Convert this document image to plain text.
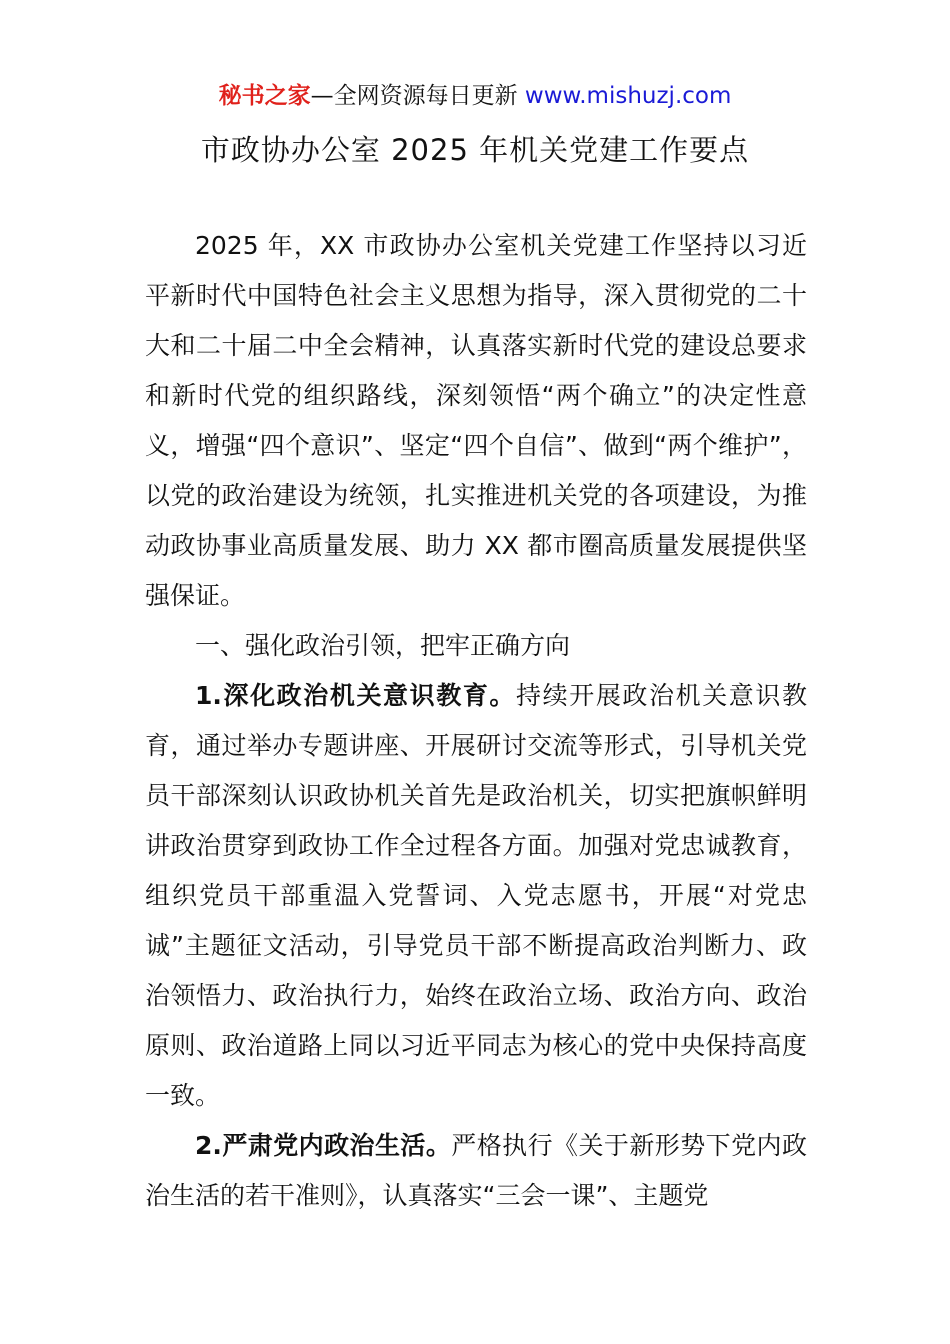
秘书之家—全网资源每日更新 www.mishuzj.com
市政协办公室 2025 年机关党建工作要点

2025 年，XX 市政协办公室机关党建工作坚持以习近平新时代中国特色社会主义思想为指导，深入贯彻党的二十大和二十届二中全会精神，认真落实新时代党的建设总要求和新时代党的组织路线，深刻领悟“两个确立”的决定性意义，增强“四个意识”、坚定“四个自信”、做到“两个维护”，以党的政治建设为统领，扎实推进机关党的各项建设，为推动政协事业高质量发展、助力 XX 都市圈高质量发展提供坚强保证。

一、强化政治引领，把牢正确方向

1.深化政治机关意识教育。持续开展政治机关意识教育，通过举办专题讲座、开展研讨交流等形式，引导机关党员干部深刻认识政协机关首先是政治机关，切实把旗帜鲜明讲政治贯穿到政协工作全过程各方面。加强对党忠诚教育，组织党员干部重温入党誓词、入党志愿书，开展“对党忠诚”主题征文活动，引导党员干部不断提高政治判断力、政治领悟力、政治执行力，始终在政治立场、政治方向、政治原则、政治道路上同以习近平同志为核心的党中央保持高度一致。

2.严肃党内政治生活。严格执行《关于新形势下党内政治生活的若干准则》，认真落实“三会一课”、主题党
